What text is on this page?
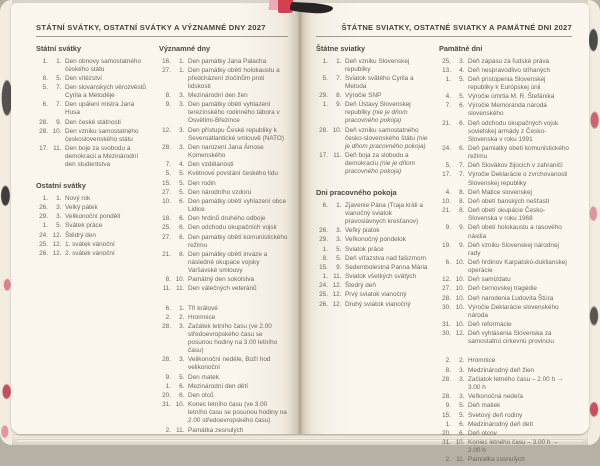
STÁTNÍ SVÁTKY, OSTATNÍ SVÁTKY A VÝZNAMNÉ DNY 2027
Státní svátky
1.	1. Den obnovy samostatného českého státu
8.	5. Den vítězství
5.	7. Den slovanských věrozvěstů Cyrila a Metoděje
6.	7. Den upálení mistra Jana Husa
28.	9. Den české státnosti
28. 10. Den vzniku samostatného československého státu
17. 11. Den boje za svobodu a demokracii a Mezinárodní den studentstva
Ostatní svátky
1.	1. Nový rok
26.	3. Velký pátek
29.	3. Velikonoční pondělí
1.	5. Svátek práce
24. 12. Štědrý den
25. 12. 1. svátek vánoční
26. 12. 2. svátek vánoční
Významné dny
16.	1. Den památky Jana Palacha
27.	1. Den památky obětí holokaustu a předcházení zločinům proti lidskosti
8.	3. Mezinárodní den žen
9.	3. Den památky obětí vyhlazení terezínského rodinného tábora v Osvětimi-Březince
12.	3. Den přístupu České republiky k Severoatlantické smlouvě (NATO)
28.	3. Den narození Jana Ámose Komenského
7.	4. Den vzdělanosti
5.	5. Květnové povstání českého lidu
15.	5. Den rodin
27.	5. Den národního vzdoru
10.	6. Den památky obětí vyhlazení obce Lidice
18.	6. Den hrdinů druhého odboje
25.	6. Den odchodu okupačních vojsk
27.	6. Den památky obětí komunistického režimu
21.	8. Den památky obětí invaze a následné okupace vojsky Varšavské smlouvy
8. 10. Památný den sokolstva
11. 11. Den válečných veteránů
6.	1. Tři králové
2.	2. Hromnice
28.	3. Začátek letního času (ve 2.00 středoevropského času se posunou hodiny na 3.00 letního času)
28.	3. Velikonoční neděle, Boží hod velikonoční
9.	5. Den matek
1.	6. Mezinárodní den dětí
20.	6. Den otců
31. 10. Konec letního času (ve 3.00 letního času se posunou hodiny na 2.00 středoevropského času)
2. 11. Památka zesnulých
ŠTÁTNE SVIATKY, OSTATNÉ SVIATKY A PAMÄTNÉ DNI 2027
Štátne sviatky
1.	1. Deň vzniku Slovenskej republiky
5.	7. Sviatok svätého Cyrila a Metoda
29.	8. Výročie SNP
1.	9. Deň Ústavy Slovenskej republiky (nie je dňom pracovného pokoja)
28. 10. Deň vzniku samostatného česko-slovenského štátu (nie je dňom pracovného pokoja)
17. 11. Deň boja za slobodu a demokraciu (nie je dňom pracovného pokoja)
Dni pracovného pokoja
6.	1. Zjavenie Pána (Traja králi a vianočný sviatok pravoslávnych kresťanov)
26.	3. Veľký piatok
29.	3. Veľkonočný pondelok
1.	5. Sviatok práce
8.	5. Deň víťazstva nad fašizmom
15.	9. Sedembolestná Panna Mária
1. 11. Sviatok všetkých svätých
24. 12. Štedrý deň
25. 12. Prvý sviatok vianočný
26. 12. Druhý sviatok vianočný
Pamätné dni
25.	3. Deň zápasu za ľudské práva
13.	4. Deň nespravodlivo stíhaných
1.	5. Deň pristúpenia Slovenskej republiky k Európskej únii
4.	5. Výročie úmrtia M. R. Štefánika
7.	6. Výročie Memoranda národa slovenského
21.	6. Deň odchodu okupačných vojsk sovietskej armády z Česko-Slovenska v roku 1991
24.	6. Deň pamiatky obetí komunistického režimu
5.	7. Deň Slovákov žijúcich v zahraničí
17.	7. Výročie Deklarácie o zvrchovanosti Slovenskej republiky
4.	8. Deň Matice slovenskej
10.	8. Deň obetí banských nešťastí
21.	8. Deň obetí okupácie Česko-Slovenska v roku 1968
9.	9. Deň obetí holokaustu a rasového násilia
19.	9. Deň vzniku Slovenskej národnej rady
6. 10. Deň hrdinov Karpatsko-duklianskej operácie
12. 10. Deň samizdatu
27. 10. Deň černovskej tragédie
28. 10. Deň narodenia Ľudovíta Štúra
30. 10. Výročie Deklarácie slovenského národa
31. 10. Deň reformácie
30. 12. Deň vyhlásenia Slovenska za samostatnú cirkevnú provinciu
2.	2. Hromnice
8.	3. Medzinárodný deň žien
28.	3. Začiatok letného času – 2.00 h → 3.00 h
28.	3. Veľkonočná nedeľa
9.	5. Deň matiek
15.	5. Svetový deň rodiny
1.	6. Medzinárodný deň detí
20.	6. Deň otcov
31. 10. Koniec letného času – 3.00 h → 2.00 h
2. 11. Pamiatka zosnulých
